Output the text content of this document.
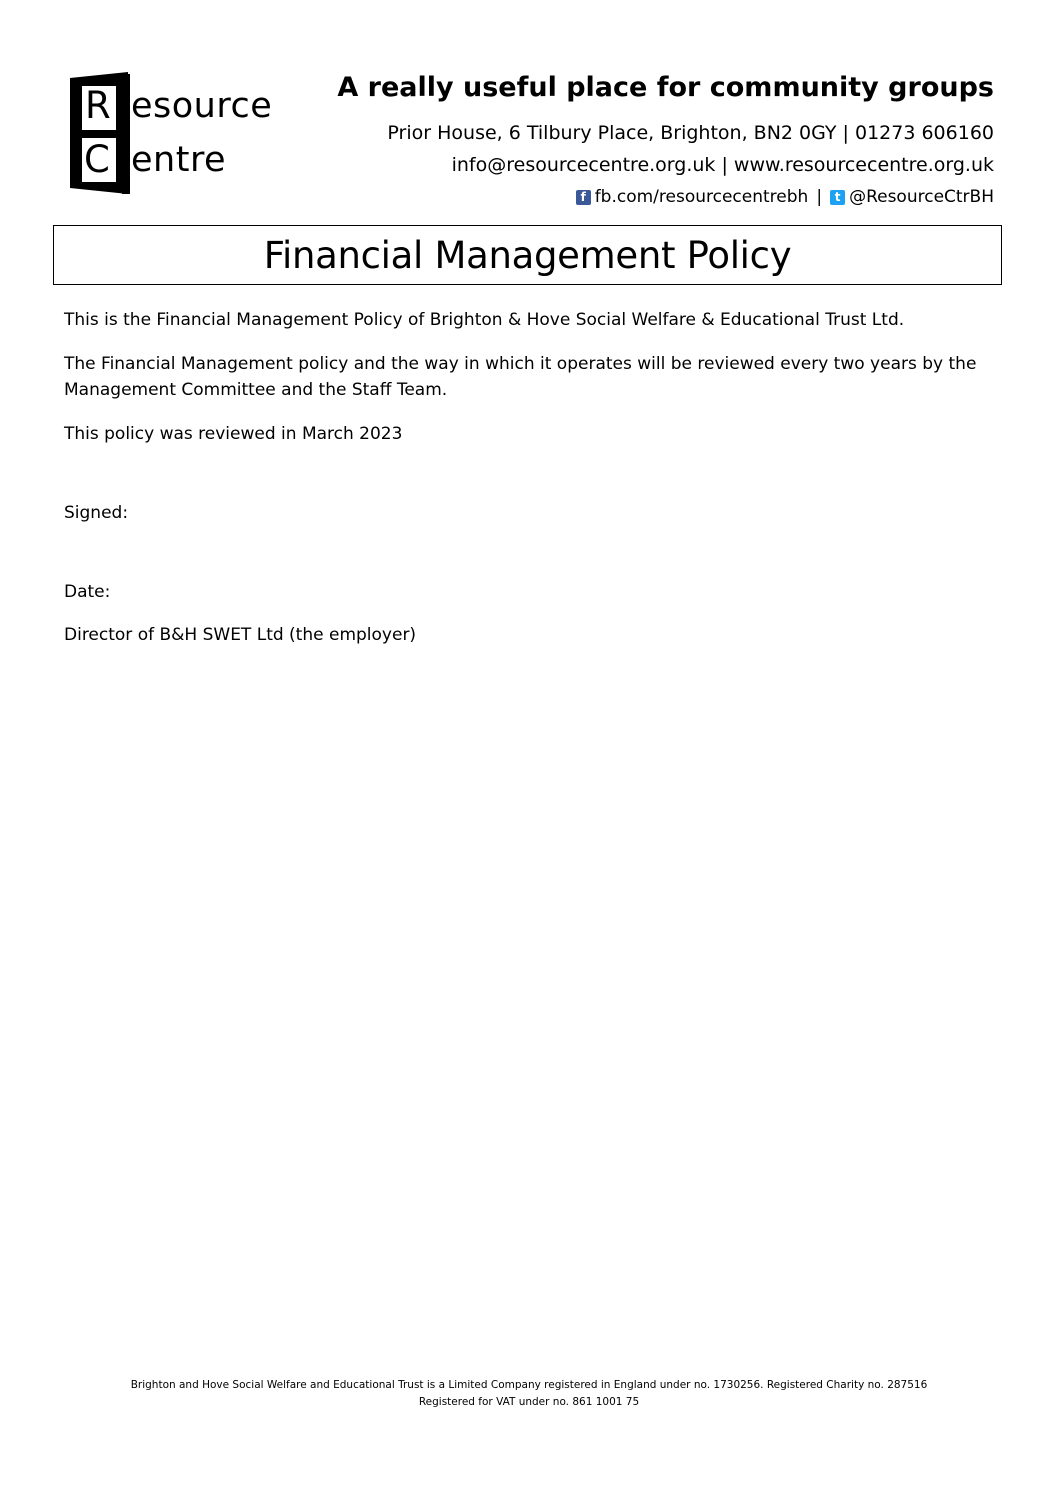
R esource
C entre
A really useful place for community groups
Prior House, 6 Tilbury Place, Brighton, BN2 0GY | 01273 606160
info@resourcecentre.org.uk | www.resourcecentre.org.uk
f fb.com/resourcecentrebh |	t @ResourceCtrBH
Financial Management Policy

This is the Financial Management Policy of Brighton & Hove Social Welfare & Educational Trust Ltd.

The Financial Management policy and the way in which it operates will be reviewed every two years by the Management Committee and the Staff Team.

This policy was reviewed in March 2023

Signed:

Date:

Director of B&H SWET Ltd (the employer)

Brighton and Hove Social Welfare and Educational Trust is a Limited Company registered in England under no. 1730256. Registered Charity no. 287516
Registered for VAT under no. 861 1001 75
